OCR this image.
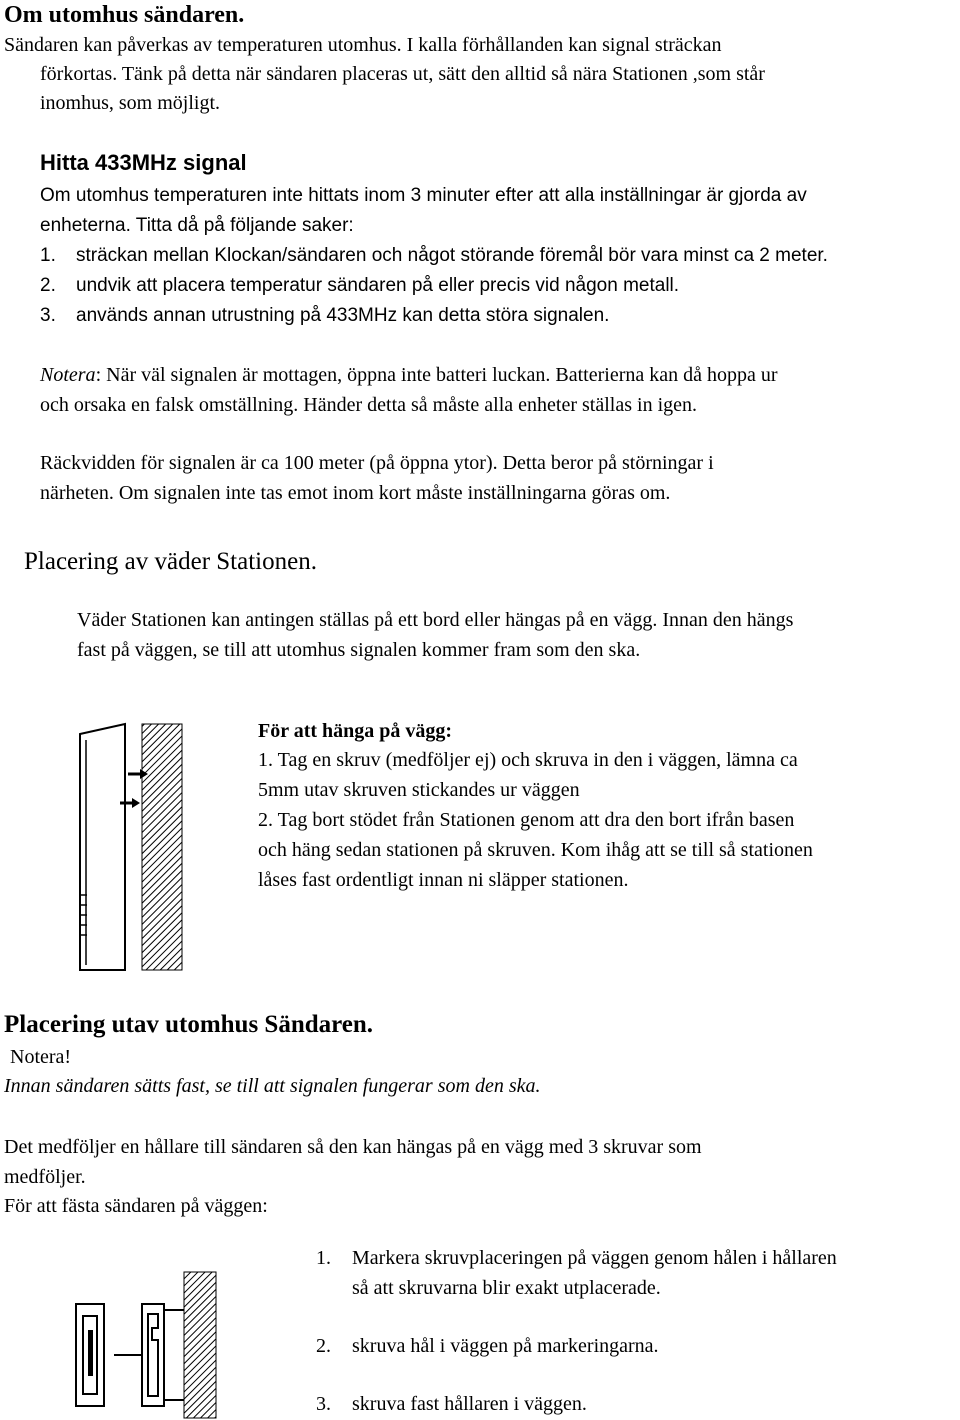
Om utomhus sändaren.
Sändaren kan påverkas av temperaturen utomhus. I kalla förhållanden kan signal sträckan
förkortas. Tänk på detta när sändaren placeras ut, sätt den alltid så nära Stationen ,som står
inomhus, som möjligt.
Hitta 433MHz signal
Om utomhus temperaturen inte hittats inom 3 minuter efter att alla inställningar är gjorda av
enheterna. Titta då på följande saker:
1. sträckan mellan Klockan/sändaren och något störande föremål bör vara minst ca 2 meter.
2. undvik att placera temperatur sändaren på eller precis vid någon metall.
3. används annan utrustning på 433MHz kan detta störa signalen.
Notera: När väl signalen är mottagen, öppna inte batteri luckan. Batterierna kan då hoppa ur
och orsaka en falsk omställning. Händer detta så måste alla enheter ställas in igen.
Räckvidden för signalen är ca 100 meter (på öppna ytor). Detta beror på störningar i
närheten. Om signalen inte tas emot inom kort måste inställningarna göras om.
Placering av väder Stationen.
Väder Stationen kan antingen ställas på ett bord eller hängas på en vägg. Innan den hängs
fast på väggen, se till att utomhus signalen kommer fram som den ska.
För att hänga på vägg:
1. Tag en skruv (medföljer ej) och skruva in den i väggen, lämna ca
5mm utav skruven stickandes ur väggen
2. Tag bort stödet från Stationen genom att dra den bort ifrån basen
och häng sedan stationen på skruven. Kom ihåg att se till så stationen
låses fast ordentligt innan ni släpper stationen.
Placering utav utomhus Sändaren.
Notera!
Innan sändaren sätts fast, se till att signalen fungerar som den ska.
Det medföljer en hållare till sändaren så den kan hängas på en vägg med 3 skruvar som
medföljer.
För att fästa sändaren på väggen:
1. Markera skruvplaceringen på väggen genom hålen i hållaren
så att skruvarna blir exakt utplacerade.
2. skruva hål i väggen på markeringarna.
3. skruva fast hållaren i väggen.
